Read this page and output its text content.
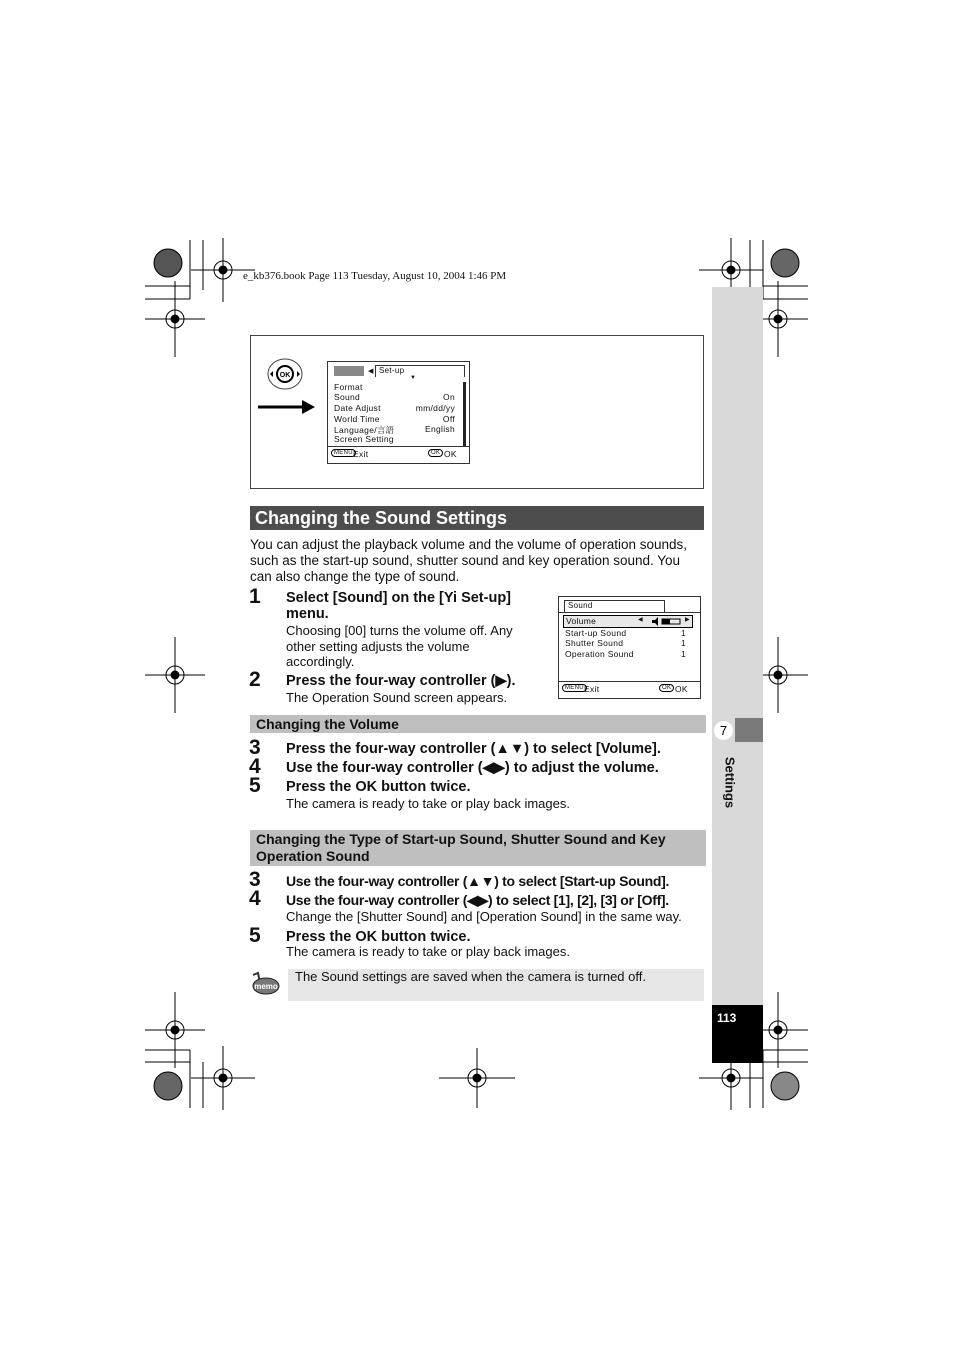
e_kb376.book Page 113 Tuesday, August 10, 2004 1:46 PM
7
Settings
113
OK
◀ Set-up
▼
Format
Sound	On
Date Adjust	mm/dd/yy
World Time	Off
Language/言語	English
Screen Setting
MENU Exit	OK OK
Changing the Sound Settings
You can adjust the playback volume and the volume of operation sounds, such as the start-up sound, shutter sound and key operation sound. You can also change the type of sound.
1 Select [Sound] on the [Yi Set-up] menu.
Choosing [00] turns the volume off. Any other setting adjusts the volume accordingly.
2 Press the four-way controller (▶).
The Operation Sound screen appears.
Sound
Volume	◀	▶
Start-up Sound	1
Shutter Sound	1
Operation Sound	1
MENU Exit	OK OK
Changing the Volume
3 Press the four-way controller (▲▼) to select [Volume].
4 Use the four-way controller (◀▶) to adjust the volume.
5 Press the OK button twice.
The camera is ready to take or play back images.
Changing the Type of Start-up Sound, Shutter Sound and Key Operation Sound
3 Use the four-way controller (▲▼) to select [Start-up Sound].
4 Use the four-way controller (◀▶) to select [1], [2], [3] or [Off].
Change the [Shutter Sound] and [Operation Sound] in the same way.
5 Press the OK button twice.
The camera is ready to take or play back images.
memo
The Sound settings are saved when the camera is turned off.
